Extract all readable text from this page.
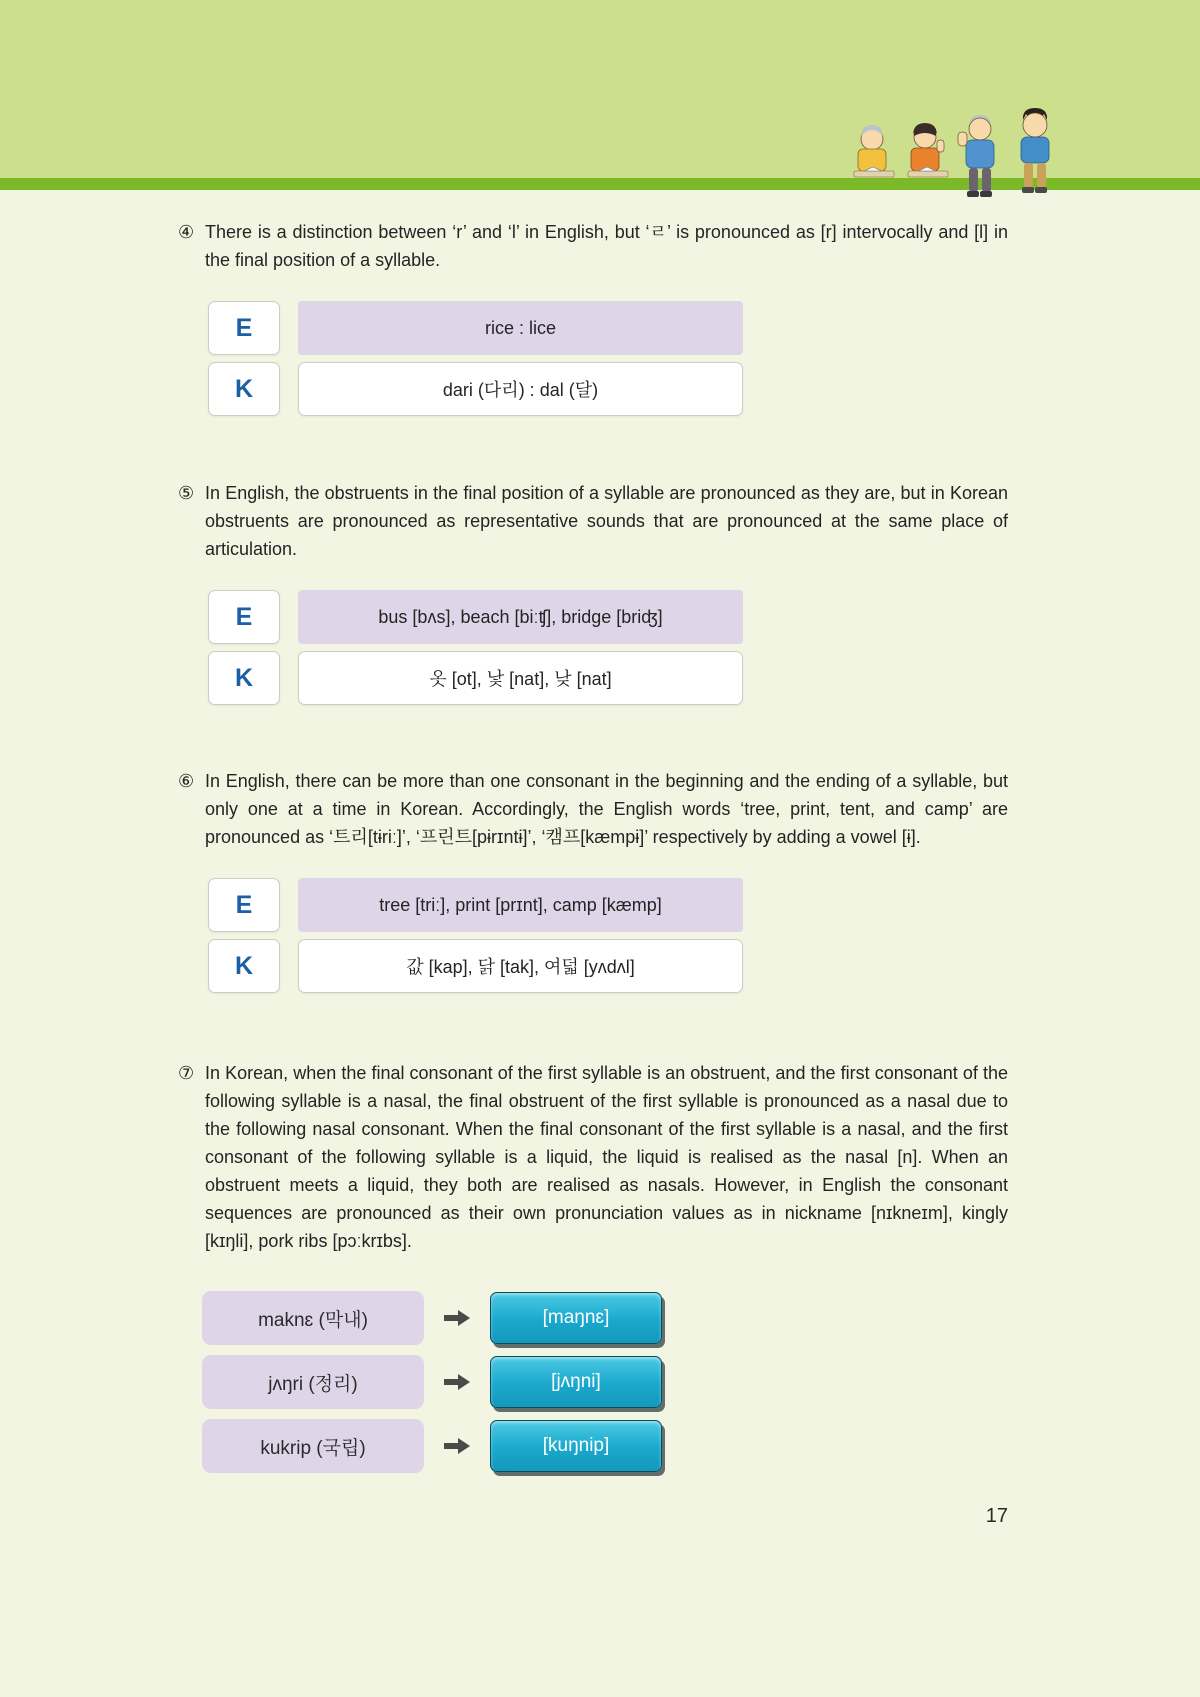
④ There is a distinction between ‘r’ and ‘l’ in English, but ‘ㄹ’ is pronounced as [r] intervocally and [l] in the final position of a syllable.
E	rice : lice
K	dari (다리) : dal (달)
⑤ In English, the obstruents in the final position of a syllable are pronounced as they are, but in Korean obstruents are pronounced as representative sounds that are pronounced at the same place of articulation.
E	bus [bʌs], beach [biːʧ], bridge [briʤ]
K	옷 [ot], 낯 [nat], 낮 [nat]
⑥ In English, there can be more than one consonant in the beginning and the ending of a syllable, but only one at a time in Korean. Accordingly, the English words ‘tree, print, tent, and camp’ are pronounced as ‘트리[tɨriː]’, ‘프린트[pɨrɪntɨ]’, ‘캠프[kæmpɨ]’ respectively by adding a vowel [ɨ].
E	tree [triː], print [prɪnt], camp [kæmp]
K	값 [kap], 닭 [tak], 여덟 [yʌdʌl]
⑦ In Korean, when the final consonant of the first syllable is an obstruent, and the first consonant of the following syllable is a nasal, the final obstruent of the first syllable is pronounced as a nasal due to the following nasal consonant. When the final consonant of the first syllable is a nasal, and the first consonant of the following syllable is a liquid, the liquid is realised as the nasal [n]. When an obstruent meets a liquid, they both are realised as nasals. However, in English the consonant sequences are pronounced as their own pronunciation values as in nickname [nɪkneɪm], kingly [kɪŋli], pork ribs [pɔːkrɪbs].
maknɛ (막내)	[maŋnɛ]
jʌŋri (정리)	[jʌŋni]
kukrip (국립)	[kuŋnip]
17
